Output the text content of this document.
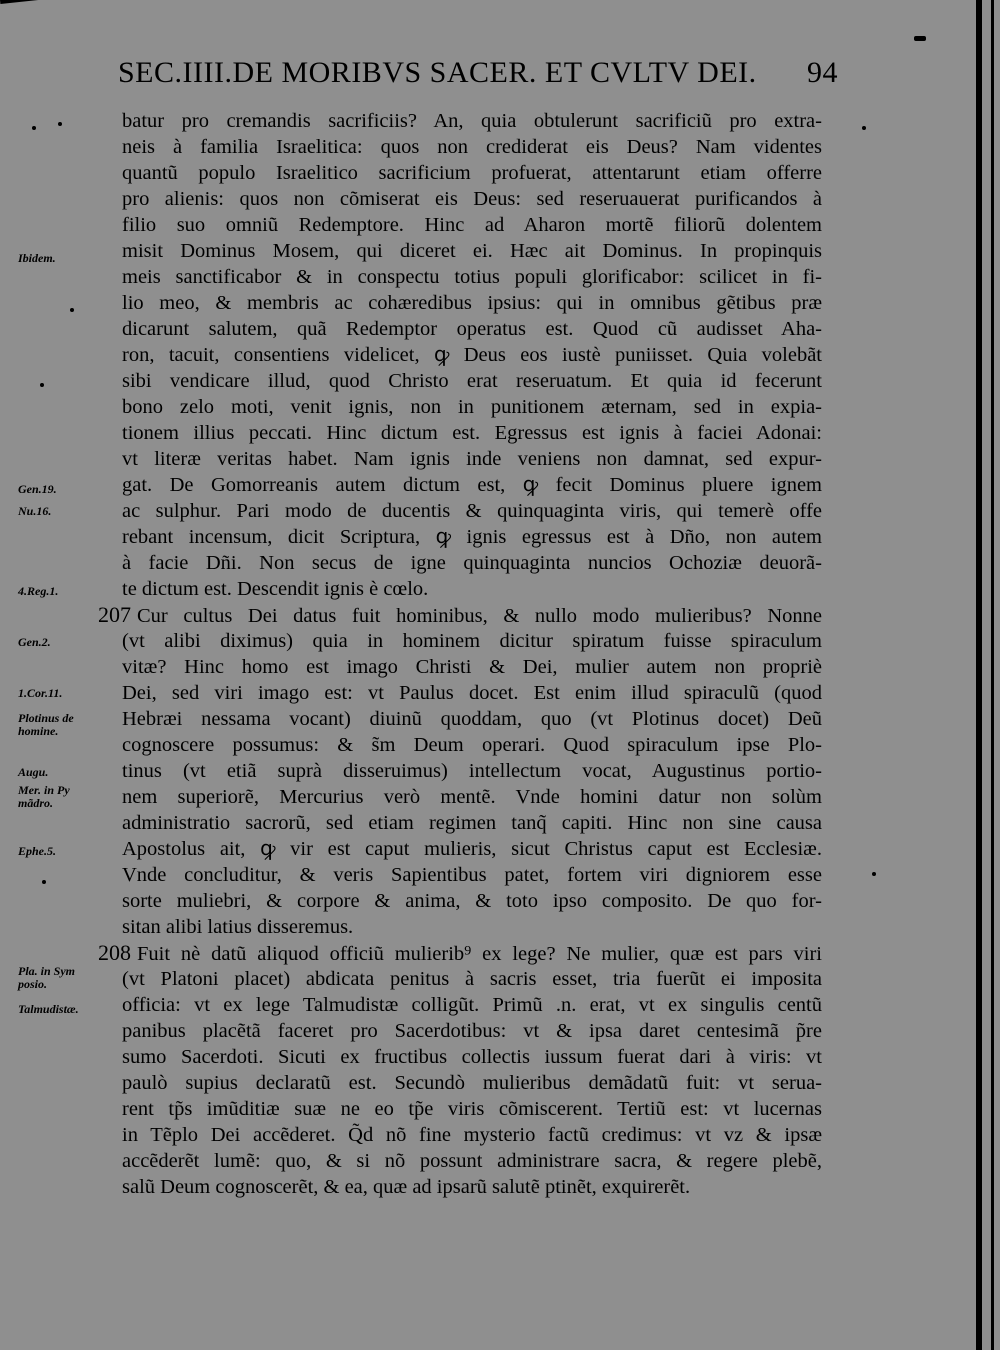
SEC.IIII.DE MORIBVS SACER. ET CVLTV DEI. 94
batur pro cremandis sacrificiis? An, quia obtulerunt sacrificiũ pro extra-
neis à familia Israelitica: quos non crediderat eis Deus? Nam videntes
quantũ populo Israelitico sacrificium profuerat, attentarunt etiam offerre
pro alienis: quos non cõmiserat eis Deus: sed reseruauerat purificandos à
filio suo omniũ Redemptore. Hinc ad Aharon mortẽ filiorũ dolentem
misit Dominus Mosem, qui diceret ei. Hæc ait Dominus. In propinquis
meis sanctificabor & in conspectu totius populi glorificabor: scilicet in fi-
lio meo, & membris ac cohæredibus ipsius: qui in omnibus gẽtibus præ
dicarunt salutem, quã Redemptor operatus est. Quod cũ audisset Aha-
ron, tacuit, consentiens videlicet, ꝙ Deus eos iustè puniisset. Quia volebãt
sibi vendicare illud, quod Christo erat reseruatum. Et quia id fecerunt
bono zelo moti, venit ignis, non in punitionem æternam, sed in expia-
tionem illius peccati. Hinc dictum est. Egressus est ignis à faciei Adonai:
vt literæ veritas habet. Nam ignis inde veniens non damnat, sed expur-
gat. De Gomorreanis autem dictum est, ꝙ fecit Dominus pluere ignem
ac sulphur. Pari modo de ducentis & quinquaginta viris, qui temerè offe
rebant incensum, dicit Scriptura, ꝙ ignis egressus est à Dño, non autem
à facie Dñi. Non secus de igne quinquaginta nuncios Ochoziæ deuorã-
te dictum est. Descendit ignis è cœlo.
207 Cur cultus Dei datus fuit hominibus, & nullo modo mulieribus? Nonne
(vt alibi diximus) quia in hominem dicitur spiratum fuisse spiraculum
vitæ? Hinc homo est imago Christi & Dei, mulier autem non propriè
Dei, sed viri imago est: vt Paulus docet. Est enim illud spiraculũ (quod
Hebræi nessama vocant) diuinũ quoddam, quo (vt Plotinus docet) Deũ
cognoscere possumus: & s̃m Deum operari. Quod spiraculum ipse Plo-
tinus (vt etiã suprà disseruimus) intellectum vocat, Augustinus portio-
nem superiorẽ, Mercurius verò mentẽ. Vnde homini datur non solùm
administratio sacrorũ, sed etiam regimen tanq̃ capiti. Hinc non sine causa
Apostolus ait, ꝙ vir est caput mulieris, sicut Christus caput est Ecclesiæ.
Vnde concluditur, & veris Sapientibus patet, fortem viri digniorem esse
sorte muliebri, & corpore & anima, & toto ipso composito. De quo for-
sitan alibi latius disseremus.
208 Fuit nè datũ aliquod officiũ mulierib⁹ ex lege? Ne mulier, quæ est pars viri
(vt Platoni placet) abdicata penitus à sacris esset, tria fuerũt ei imposita
officia: vt ex lege Talmudistæ colligũt. Primũ .n. erat, vt ex singulis centũ
panibus placẽtã faceret pro Sacerdotibus: vt & ipsa daret centesimã p̃re
sumo Sacerdoti. Sicuti ex fructibus collectis iussum fuerat dari à viris: vt
paulò supius declaratũ est. Secundò mulieribus demãdatũ fuit: vt serua-
rent tp̃s imũditiæ suæ ne eo tp̃e viris cõmiscerent. Tertiũ est: vt lucernas
in Tẽplo Dei accẽderet. Q̃d nõ fine mysterio factũ credimus: vt vz & ipsæ
accẽderẽt lumẽ: quo, & si nõ possunt administrare sacra, & regere plebẽ,
salũ Deum cognoscerẽt, & ea, quæ ad ipsarũ salutẽ ptinẽt, exquirerẽt.
Ibidem.
Gen.19.
Nu.16.
4.Reg.1.
Gen.2.
1.Cor.11.
Plotinus de homine.
Augu.
Mer. in Py mãdro.
Ephe.5.
Pla. in Sym posio.
Talmudistæ.
